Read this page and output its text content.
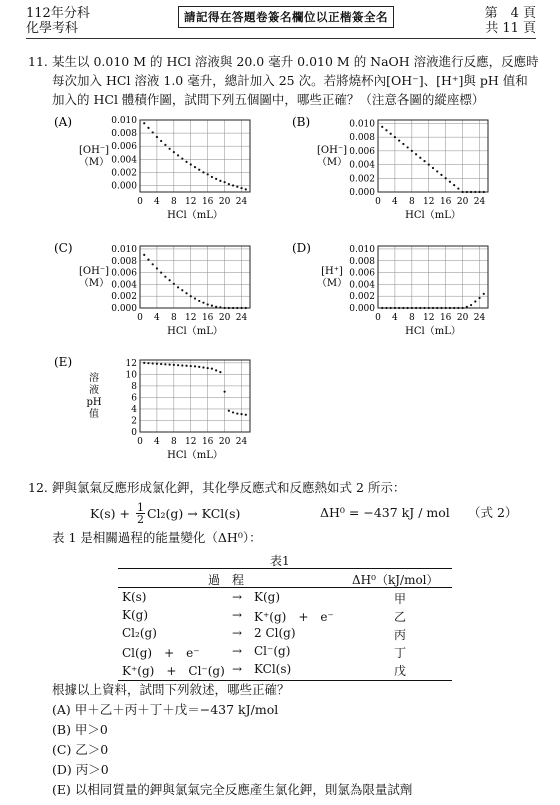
112年分科
化學考科
請記得在答題卷簽名欄位以正楷簽全名	第　4 頁
共 11 頁
11. 某生以 0.010 M 的 HCl 溶液與 20.0 毫升 0.010 M 的 NaOH 溶液進行反應，反應時
每次加入 HCl 溶液 1.0 毫升，總計加入 25 次。若將燒杯內[OH⁻]、[H⁺]與 pH 值和
加入的 HCl 體積作圖，試問下列五個圖中，哪些正確？（注意各圖的縱座標）
(A)	0.010
0.008
0.006
0.004
0.002
0.000
0 4 8 12 16 20 24
HCl（mL）
[OH⁻]
（M）
(B)	0.010
0.008
0.006
0.004
0.002
0.000
0 4 8 12 16 20 24
HCl（mL）
[OH⁻]
（M）
(C)	0.010
0.008
0.006
0.004
0.002
0.000
0 4 8 12 16 20 24
HCl（mL）
[OH⁻]
（M）
(D)	0.010
0.008
0.006
0.004
0.002
0.000
0 4 8 12 16 20 24
HCl（mL）
[H⁺]
（M）
(E)	12
10
8
6
4
2
0
0 4 8 12 16 20 24
HCl（mL）
溶
液
pH
值
12. 鉀與氯氣反應形成氯化鉀，其化學反應式和反應熱如式 2 所示：
$K(s) + \frac{1}{2} Cl_2(g) \to KCl(s)$	ΔH⁰ = −437 kJ / mol （式 2）
表 1 是相關過程的能量變化（ΔH⁰）：
表1
過　程	ΔH⁰（kJ/mol）
K(s)	→ K(g)	甲
K(g)	→ K⁺(g)　+　e⁻	乙
Cl₂(g)	→ 2 Cl(g)	丙
Cl(g)　+　e⁻	→ Cl⁻(g)	丁
K⁺(g)　+　Cl⁻(g) → KCl(s)	戊
根據以上資料，試問下列敘述，哪些正確？
(A) 甲＋乙＋丙＋丁＋戊＝−437 kJ/mol
(B) 甲＞0
(C) 乙＞0
(D) 丙＞0
(E) 以相同質量的鉀與氯氣完全反應產生氯化鉀，則氯為限量試劑
